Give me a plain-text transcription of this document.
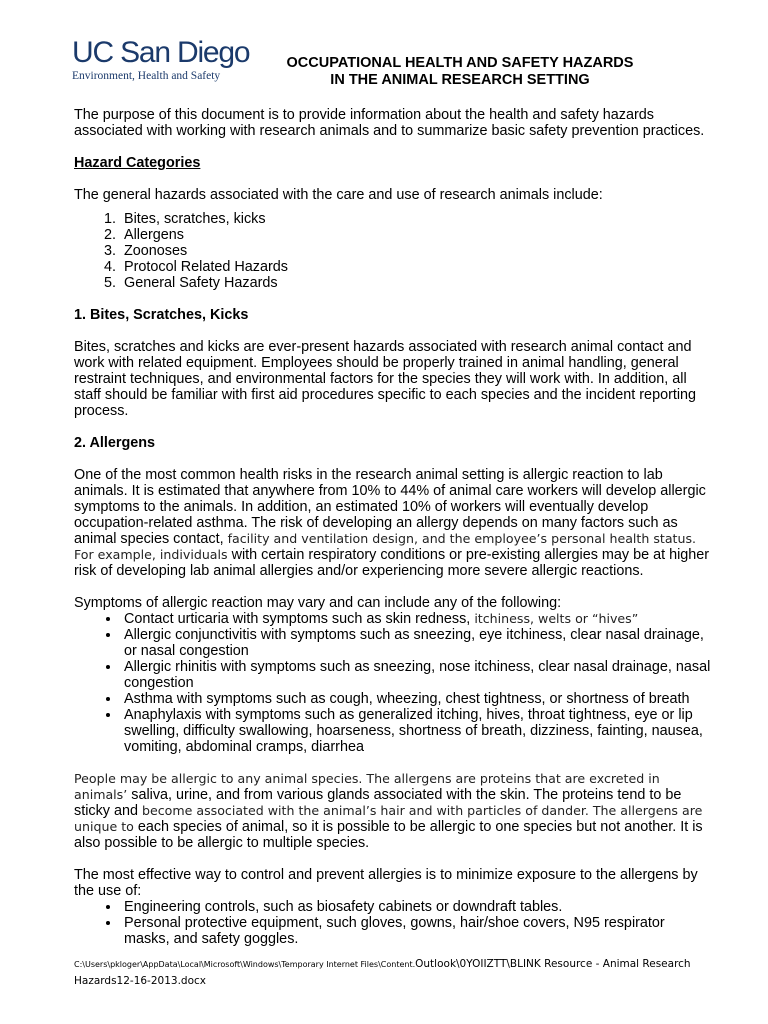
UC San Diego
Environment, Health and Safety
OCCUPATIONAL HEALTH AND SAFETY HAZARDS
IN THE ANIMAL RESEARCH SETTING

The purpose of this document is to provide information about the health and safety hazards associated with working with research animals and to summarize basic safety prevention practices.

Hazard Categories

The general hazards associated with the care and use of research animals include:

1. Bites, scratches, kicks
2. Allergens
3. Zoonoses
4. Protocol Related Hazards
5. General Safety Hazards

1. Bites, Scratches, Kicks

Bites, scratches and kicks are ever-present hazards associated with research animal contact and work with related equipment. Employees should be properly trained in animal handling, general restraint techniques, and environmental factors for the species they will work with. In addition, all staff should be familiar with first aid procedures specific to each species and the incident reporting process.

2. Allergens

One of the most common health risks in the research animal setting is allergic reaction to lab animals. It is estimated that anywhere from 10% to 44% of animal care workers will develop allergic symptoms to the animals. In addition, an estimated 10% of workers will eventually develop occupation-related asthma. The risk of developing an allergy depends on many factors such as animal species contact, facility and ventilation design, and the employee’s personal health status. For example, individuals with certain respiratory conditions or pre-existing allergies may be at higher risk of developing lab animal allergies and/or experiencing more severe allergic reactions.

Symptoms of allergic reaction may vary and can include any of the following:

• Contact urticaria with symptoms such as skin redness, itchiness, welts or “hives”
• Allergic conjunctivitis with symptoms such as sneezing, eye itchiness, clear nasal drainage, or nasal congestion
• Allergic rhinitis with symptoms such as sneezing, nose itchiness, clear nasal drainage, nasal congestion
• Asthma with symptoms such as cough, wheezing, chest tightness, or shortness of breath
• Anaphylaxis with symptoms such as generalized itching, hives, throat tightness, eye or lip swelling, difficulty swallowing, hoarseness, shortness of breath, dizziness, fainting, nausea, vomiting, abdominal cramps, diarrhea

People may be allergic to any animal species. The allergens are proteins that are excreted in animals’ saliva, urine, and from various glands associated with the skin. The proteins tend to be sticky and become associated with the animal’s hair and with particles of dander. The allergens are unique to each species of animal, so it is possible to be allergic to one species but not another. It is also possible to be allergic to multiple species.

The most effective way to control and prevent allergies is to minimize exposure to the allergens by the use of:

• Engineering controls, such as biosafety cabinets or downdraft tables.
• Personal protective equipment, such gloves, gowns, hair/shoe covers, N95 respirator masks, and safety goggles.
C:\Users\pkloger\AppData\Local\Microsoft\Windows\Temporary Internet Files\Content.Outlook\0YOIIZTT\BLINK Resource - Animal Research Hazards12-16-2013.docx
